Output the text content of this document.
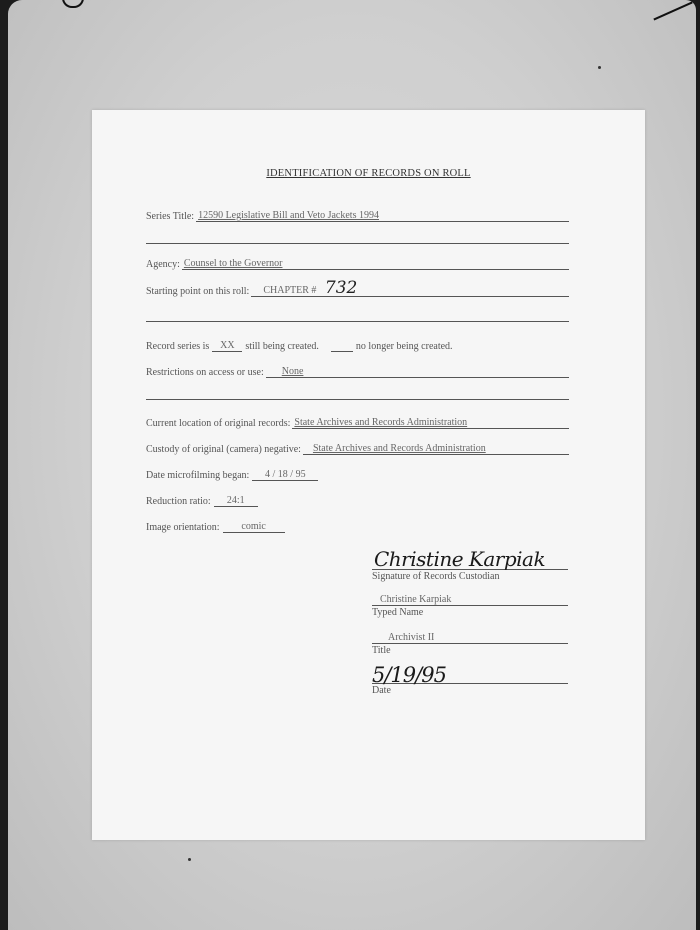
IDENTIFICATION OF RECORDS ON ROLL
Series Title: 12590 Legislative Bill and Veto Jackets 1994
Agency: Counsel to the Governor
Starting point on this roll:	CHAPTER # 732
Record series is	XX	still being created.	no longer being created.
Restrictions on access or use:	None
Current location of original records: State Archives and Records Administration
Custody of original (camera) negative:	State Archives and Records Administration
Date microfilming began:	4 / 18 / 95
Reduction ratio:	24:1
Image orientation:	comic
Christine Karpiak
Signature of Records Custodian
Christine Karpiak
Typed Name
Archivist II
Title
5/19/95
Date
